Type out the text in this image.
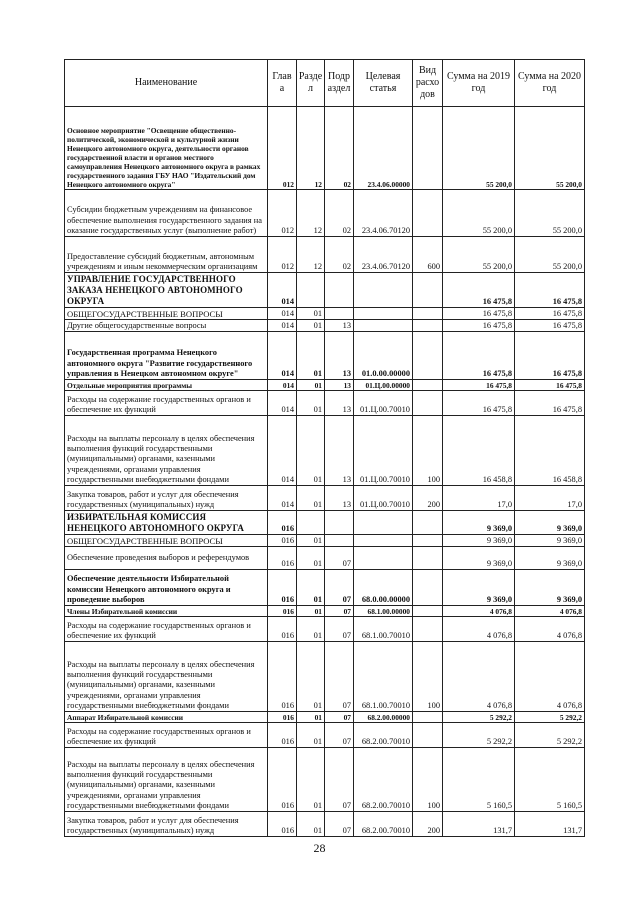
Наименование	Глав а	Разде л	Подр аздел	Целевая статья	Вид расхо дов	Сумма на 2019 год	Сумма на 2020 год
Основное мероприятие "Освещение общественно-политической, экономической и культурной жизни Ненецкого автономного округа, деятельности органов государственной власти и органов местного самоуправления Ненецкого автономного округа в рамках государственного задания ГБУ НАО "Издательский дом Ненецкого автономного округа"	012	12	02	23.4.06.00000		55 200,0	55 200,0
Субсидии бюджетным учреждениям на финансовое обеспечение выполнения государственного задания на оказание государственных услуг (выполнение работ)	012	12	02	23.4.06.70120		55 200,0	55 200,0
Предоставление субсидий бюджетным, автономным учреждениям и иным некоммерческим организациям	012	12	02	23.4.06.70120	600	55 200,0	55 200,0
УПРАВЛЕНИЕ ГОСУДАРСТВЕННОГО ЗАКАЗА НЕНЕЦКОГО АВТОНОМНОГО ОКРУГА	014					16 475,8	16 475,8
ОБЩЕГОСУДАРСТВЕННЫЕ ВОПРОСЫ	014	01				16 475,8	16 475,8
Другие общегосударственные вопросы	014	01	13			16 475,8	16 475,8
Государственная программа Ненецкого автономного округа "Развитие государственного управления в Ненецком автономном округе"	014	01	13	01.0.00.00000		16 475,8	16 475,8
Отдельные мероприятия программы	014	01	13	01.Ц.00.00000		16 475,8	16 475,8
Расходы на содержание государственных органов и обеспечение их функций	014	01	13	01.Ц.00.70010		16 475,8	16 475,8
Расходы на выплаты персоналу в целях обеспечения выполнения функций государственными (муниципальными) органами, казенными учреждениями, органами управления государственными внебюджетными фондами	014	01	13	01.Ц.00.70010	100	16 458,8	16 458,8
Закупка товаров, работ и услуг для обеспечения государственных (муниципальных) нужд	014	01	13	01.Ц.00.70010	200	17,0	17,0
ИЗБИРАТЕЛЬНАЯ КОМИССИЯ НЕНЕЦКОГО АВТОНОМНОГО ОКРУГА	016					9 369,0	9 369,0
ОБЩЕГОСУДАРСТВЕННЫЕ ВОПРОСЫ	016	01				9 369,0	9 369,0
Обеспечение проведения выборов и референдумов	016	01	07			9 369,0	9 369,0
Обеспечение деятельности Избирательной комиссии Ненецкого автономного округа и проведение выборов	016	01	07	68.0.00.00000		9 369,0	9 369,0
Члены Избирательной комиссии	016	01	07	68.1.00.00000		4 076,8	4 076,8
Расходы на содержание государственных органов и обеспечение их функций	016	01	07	68.1.00.70010		4 076,8	4 076,8
Расходы на выплаты персоналу в целях обеспечения выполнения функций государственными (муниципальными) органами, казенными учреждениями, органами управления государственными внебюджетными фондами	016	01	07	68.1.00.70010	100	4 076,8	4 076,8
Аппарат Избирательной комиссии	016	01	07	68.2.00.00000		5 292,2	5 292,2
Расходы на содержание государственных органов и обеспечение их функций	016	01	07	68.2.00.70010		5 292,2	5 292,2
Расходы на выплаты персоналу в целях обеспечения выполнения функций государственными (муниципальными) органами, казенными учреждениями, органами управления государственными внебюджетными фондами	016	01	07	68.2.00.70010	100	5 160,5	5 160,5
Закупка товаров, работ и услуг для обеспечения государственных (муниципальных) нужд	016	01	07	68.2.00.70010	200	131,7	131,7
28
